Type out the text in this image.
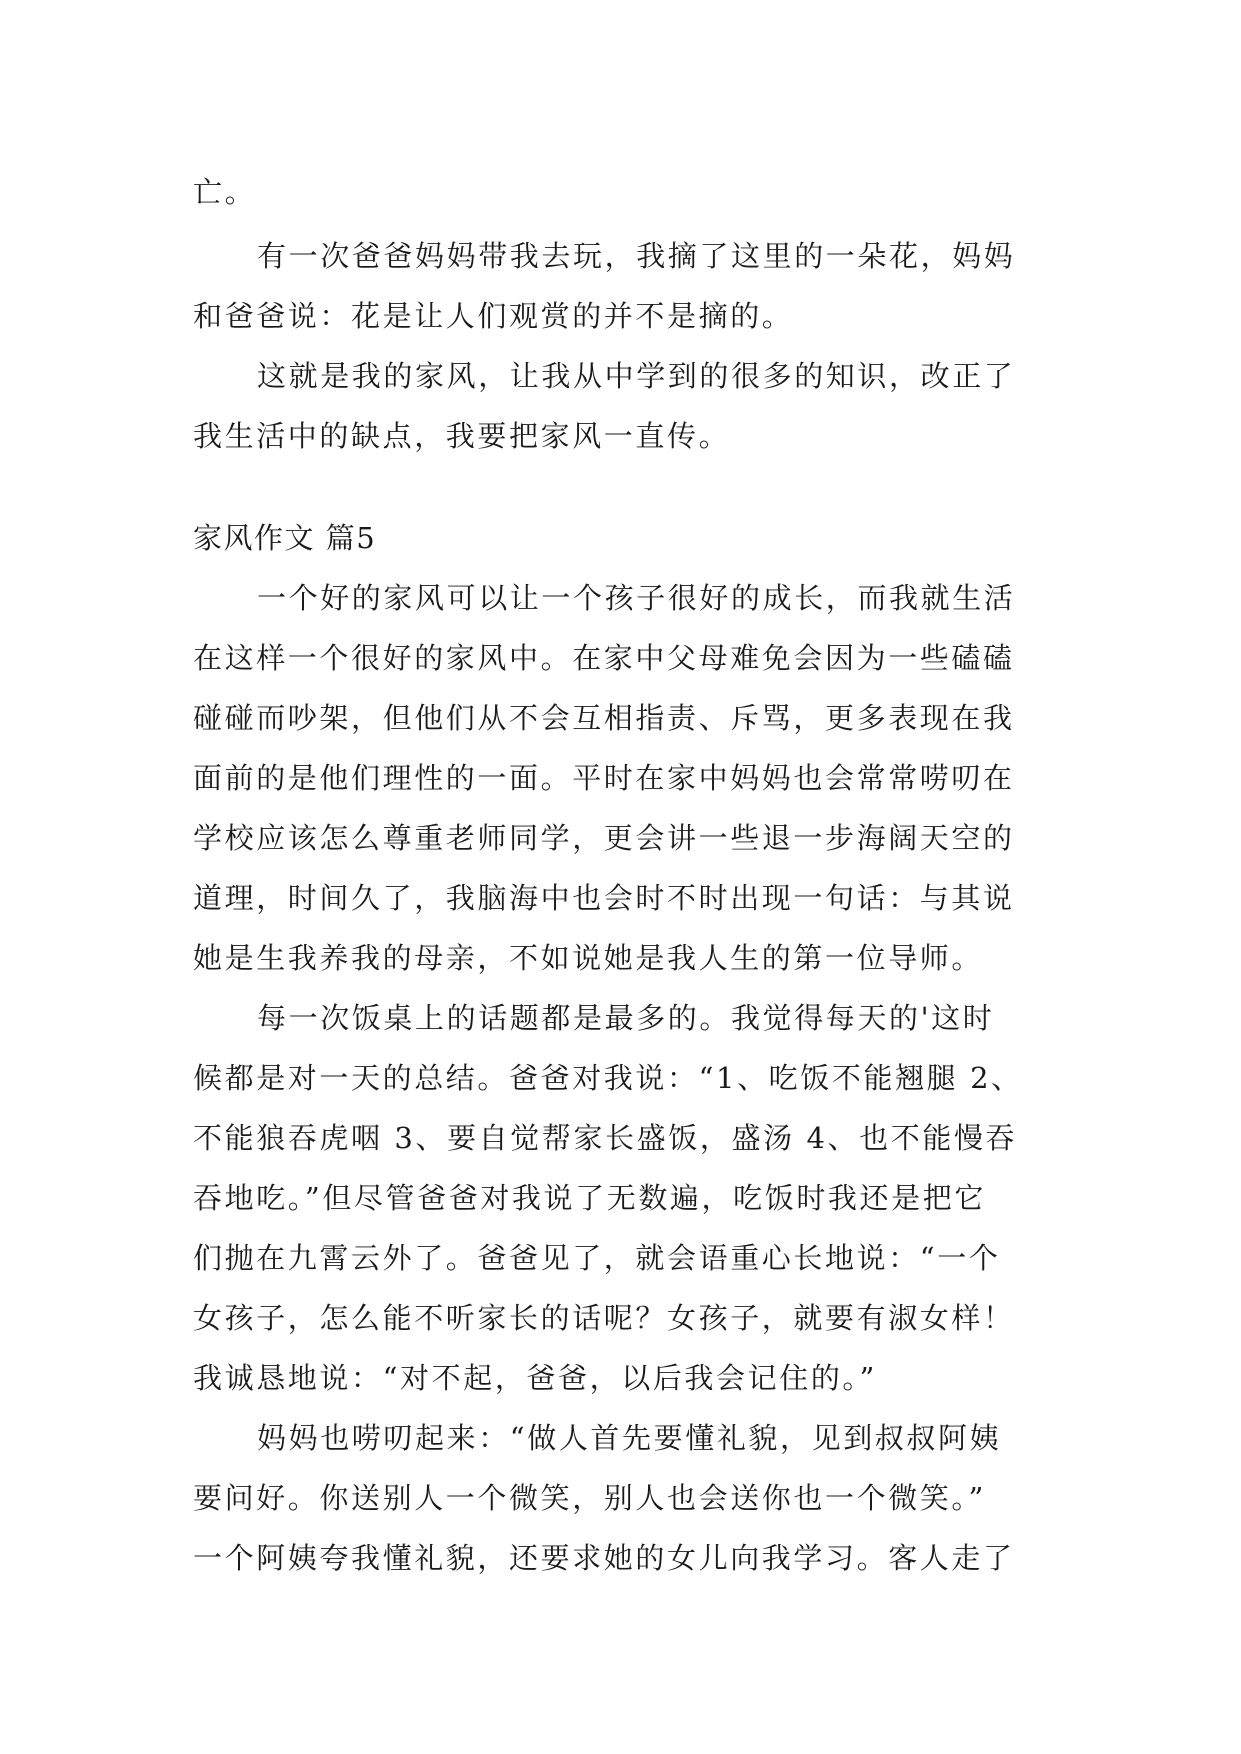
亡。
有一次爸爸妈妈带我去玩，我摘了这里的一朵花，妈妈
和爸爸说：花是让人们观赏的并不是摘的。
这就是我的家风，让我从中学到的很多的知识，改正了
我生活中的缺点，我要把家风一直传。
家风作文 篇5
一个好的家风可以让一个孩子很好的成长，而我就生活
在这样一个很好的家风中。在家中父母难免会因为一些磕磕
碰碰而吵架，但他们从不会互相指责、斥骂，更多表现在我
面前的是他们理性的一面。平时在家中妈妈也会常常唠叨在
学校应该怎么尊重老师同学，更会讲一些退一步海阔天空的
道理，时间久了，我脑海中也会时不时出现一句话：与其说
她是生我养我的母亲，不如说她是我人生的第一位导师。
每一次饭桌上的话题都是最多的。我觉得每天的'这时
候都是对一天的总结。爸爸对我说：“1、吃饭不能翘腿 2、
不能狼吞虎咽 3、要自觉帮家长盛饭，盛汤 4、也不能慢吞
吞地吃。”但尽管爸爸对我说了无数遍，吃饭时我还是把它
们抛在九霄云外了。爸爸见了，就会语重心长地说：“一个
女孩子，怎么能不听家长的话呢？女孩子，就要有淑女样！
我诚恳地说：“对不起，爸爸，以后我会记住的。”
妈妈也唠叨起来：“做人首先要懂礼貌，见到叔叔阿姨
要问好。你送别人一个微笑，别人也会送你也一个微笑。”
一个阿姨夸我懂礼貌，还要求她的女儿向我学习。客人走了
